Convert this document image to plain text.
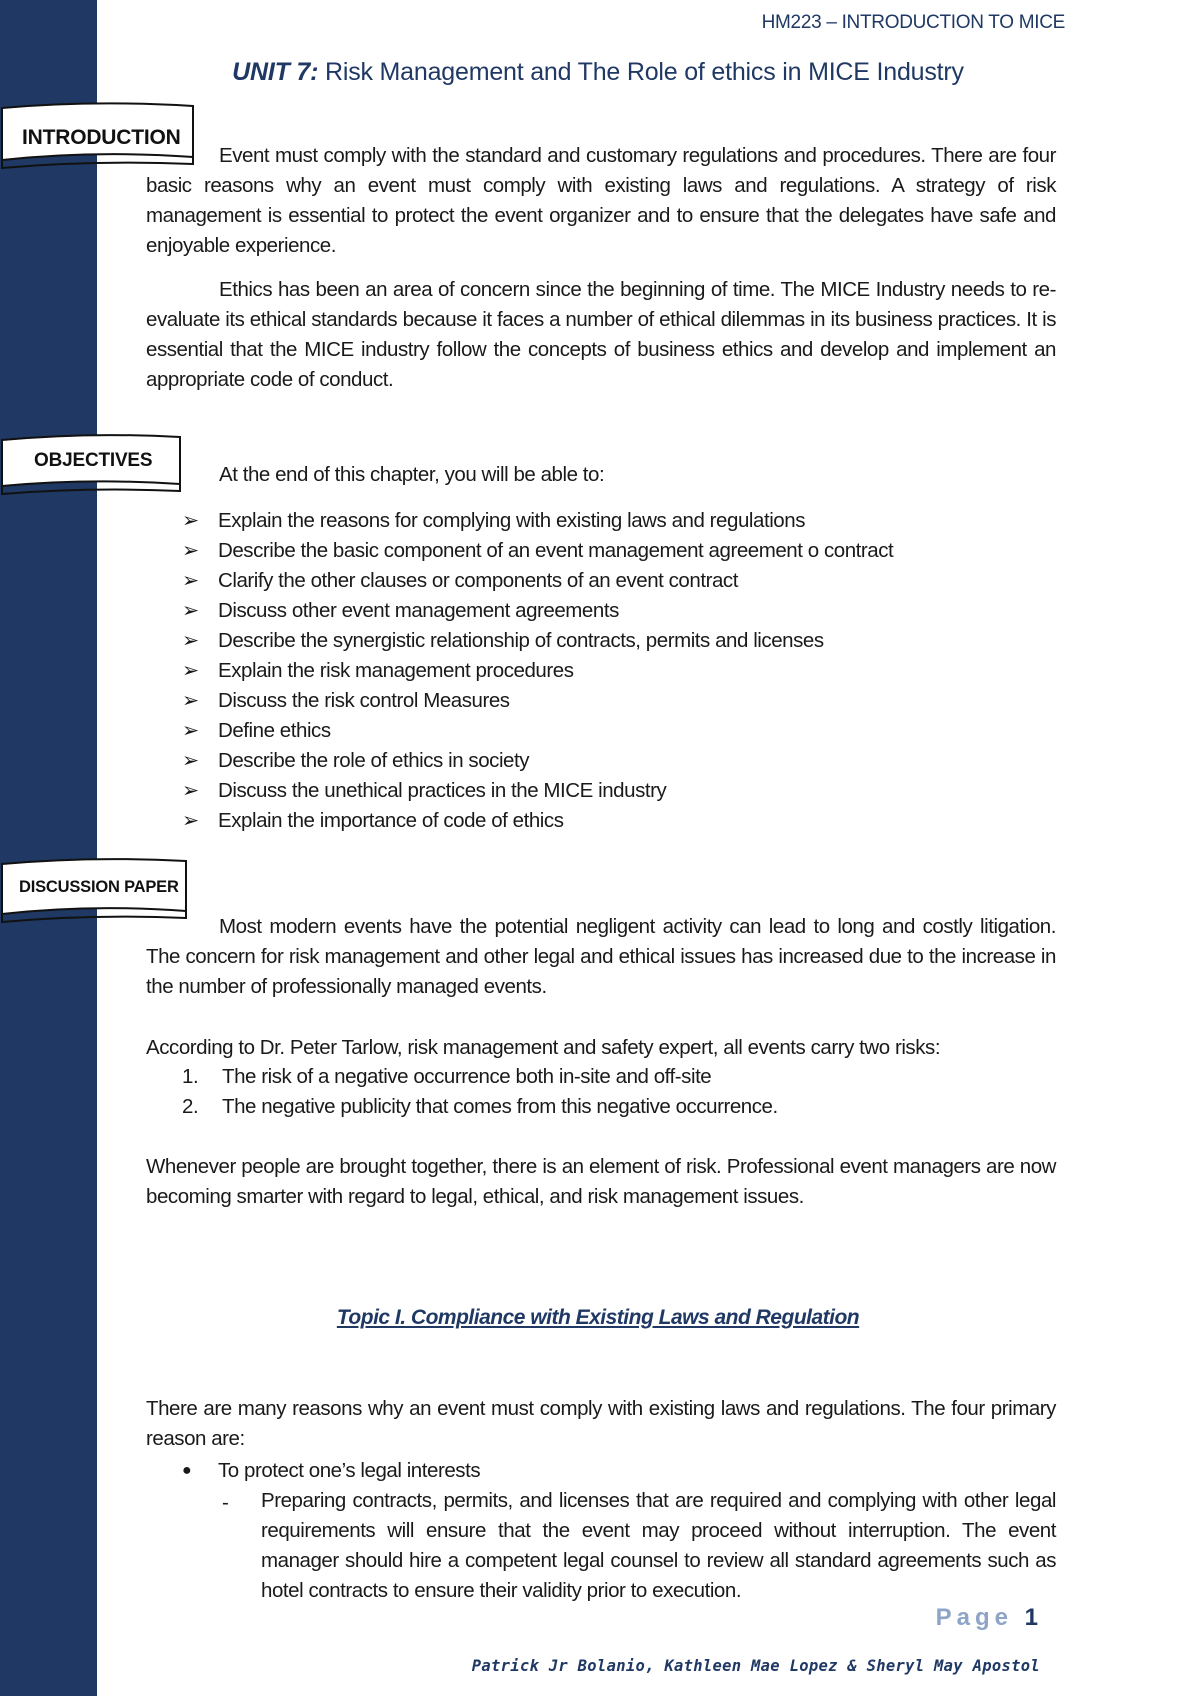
HM223 – INTRODUCTION TO MICE
UNIT 7: Risk Management and The Role of ethics in MICE Industry
INTRODUCTION
OBJECTIVES
DISCUSSION PAPER

Event must comply with the standard and customary regulations and procedures. There are four basic reasons why an event must comply with existing laws and regulations. A strategy of risk management is essential to protect the event organizer and to ensure that the delegates have safe and enjoyable experience.

Ethics has been an area of concern since the beginning of time. The MICE Industry needs to re-evaluate its ethical standards because it faces a number of ethical dilemmas in its business practices. It is essential that the MICE industry follow the concepts of business ethics and develop and implement an appropriate code of conduct.

At the end of this chapter, you will be able to:

➢ Explain the reasons for complying with existing laws and regulations
➢ Describe the basic component of an event management agreement o contract
➢ Clarify the other clauses or components of an event contract
➢ Discuss other event management agreements
➢ Describe the synergistic relationship of contracts, permits and licenses
➢ Explain the risk management procedures
➢ Discuss the risk control Measures
➢ Define ethics
➢ Describe the role of ethics in society
➢ Discuss the unethical practices in the MICE industry
➢ Explain the importance of code of ethics

Most modern events have the potential negligent activity can lead to long and costly litigation. The concern for risk management and other legal and ethical issues has increased due to the increase in the number of professionally managed events.

According to Dr. Peter Tarlow, risk management and safety expert, all events carry two risks:

1.	The risk of a negative occurrence both in-site and off-site
2.	The negative publicity that comes from this negative occurrence.

Whenever people are brought together, there is an element of risk. Professional event managers are now becoming smarter with regard to legal, ethical, and risk management issues.

Topic I. Compliance with Existing Laws and Regulation

There are many reasons why an event must comply with existing laws and regulations. The four primary reason are:

●	To protect one’s legal interests
- Preparing contracts, permits, and licenses that are required and complying with other legal requirements will ensure that the event may proceed without interruption. The event manager should hire a competent legal counsel to review all standard agreements such as hotel contracts to ensure their validity prior to execution.

Page 1
Patrick Jr Bolanio, Kathleen Mae Lopez & Sheryl May Apostol
